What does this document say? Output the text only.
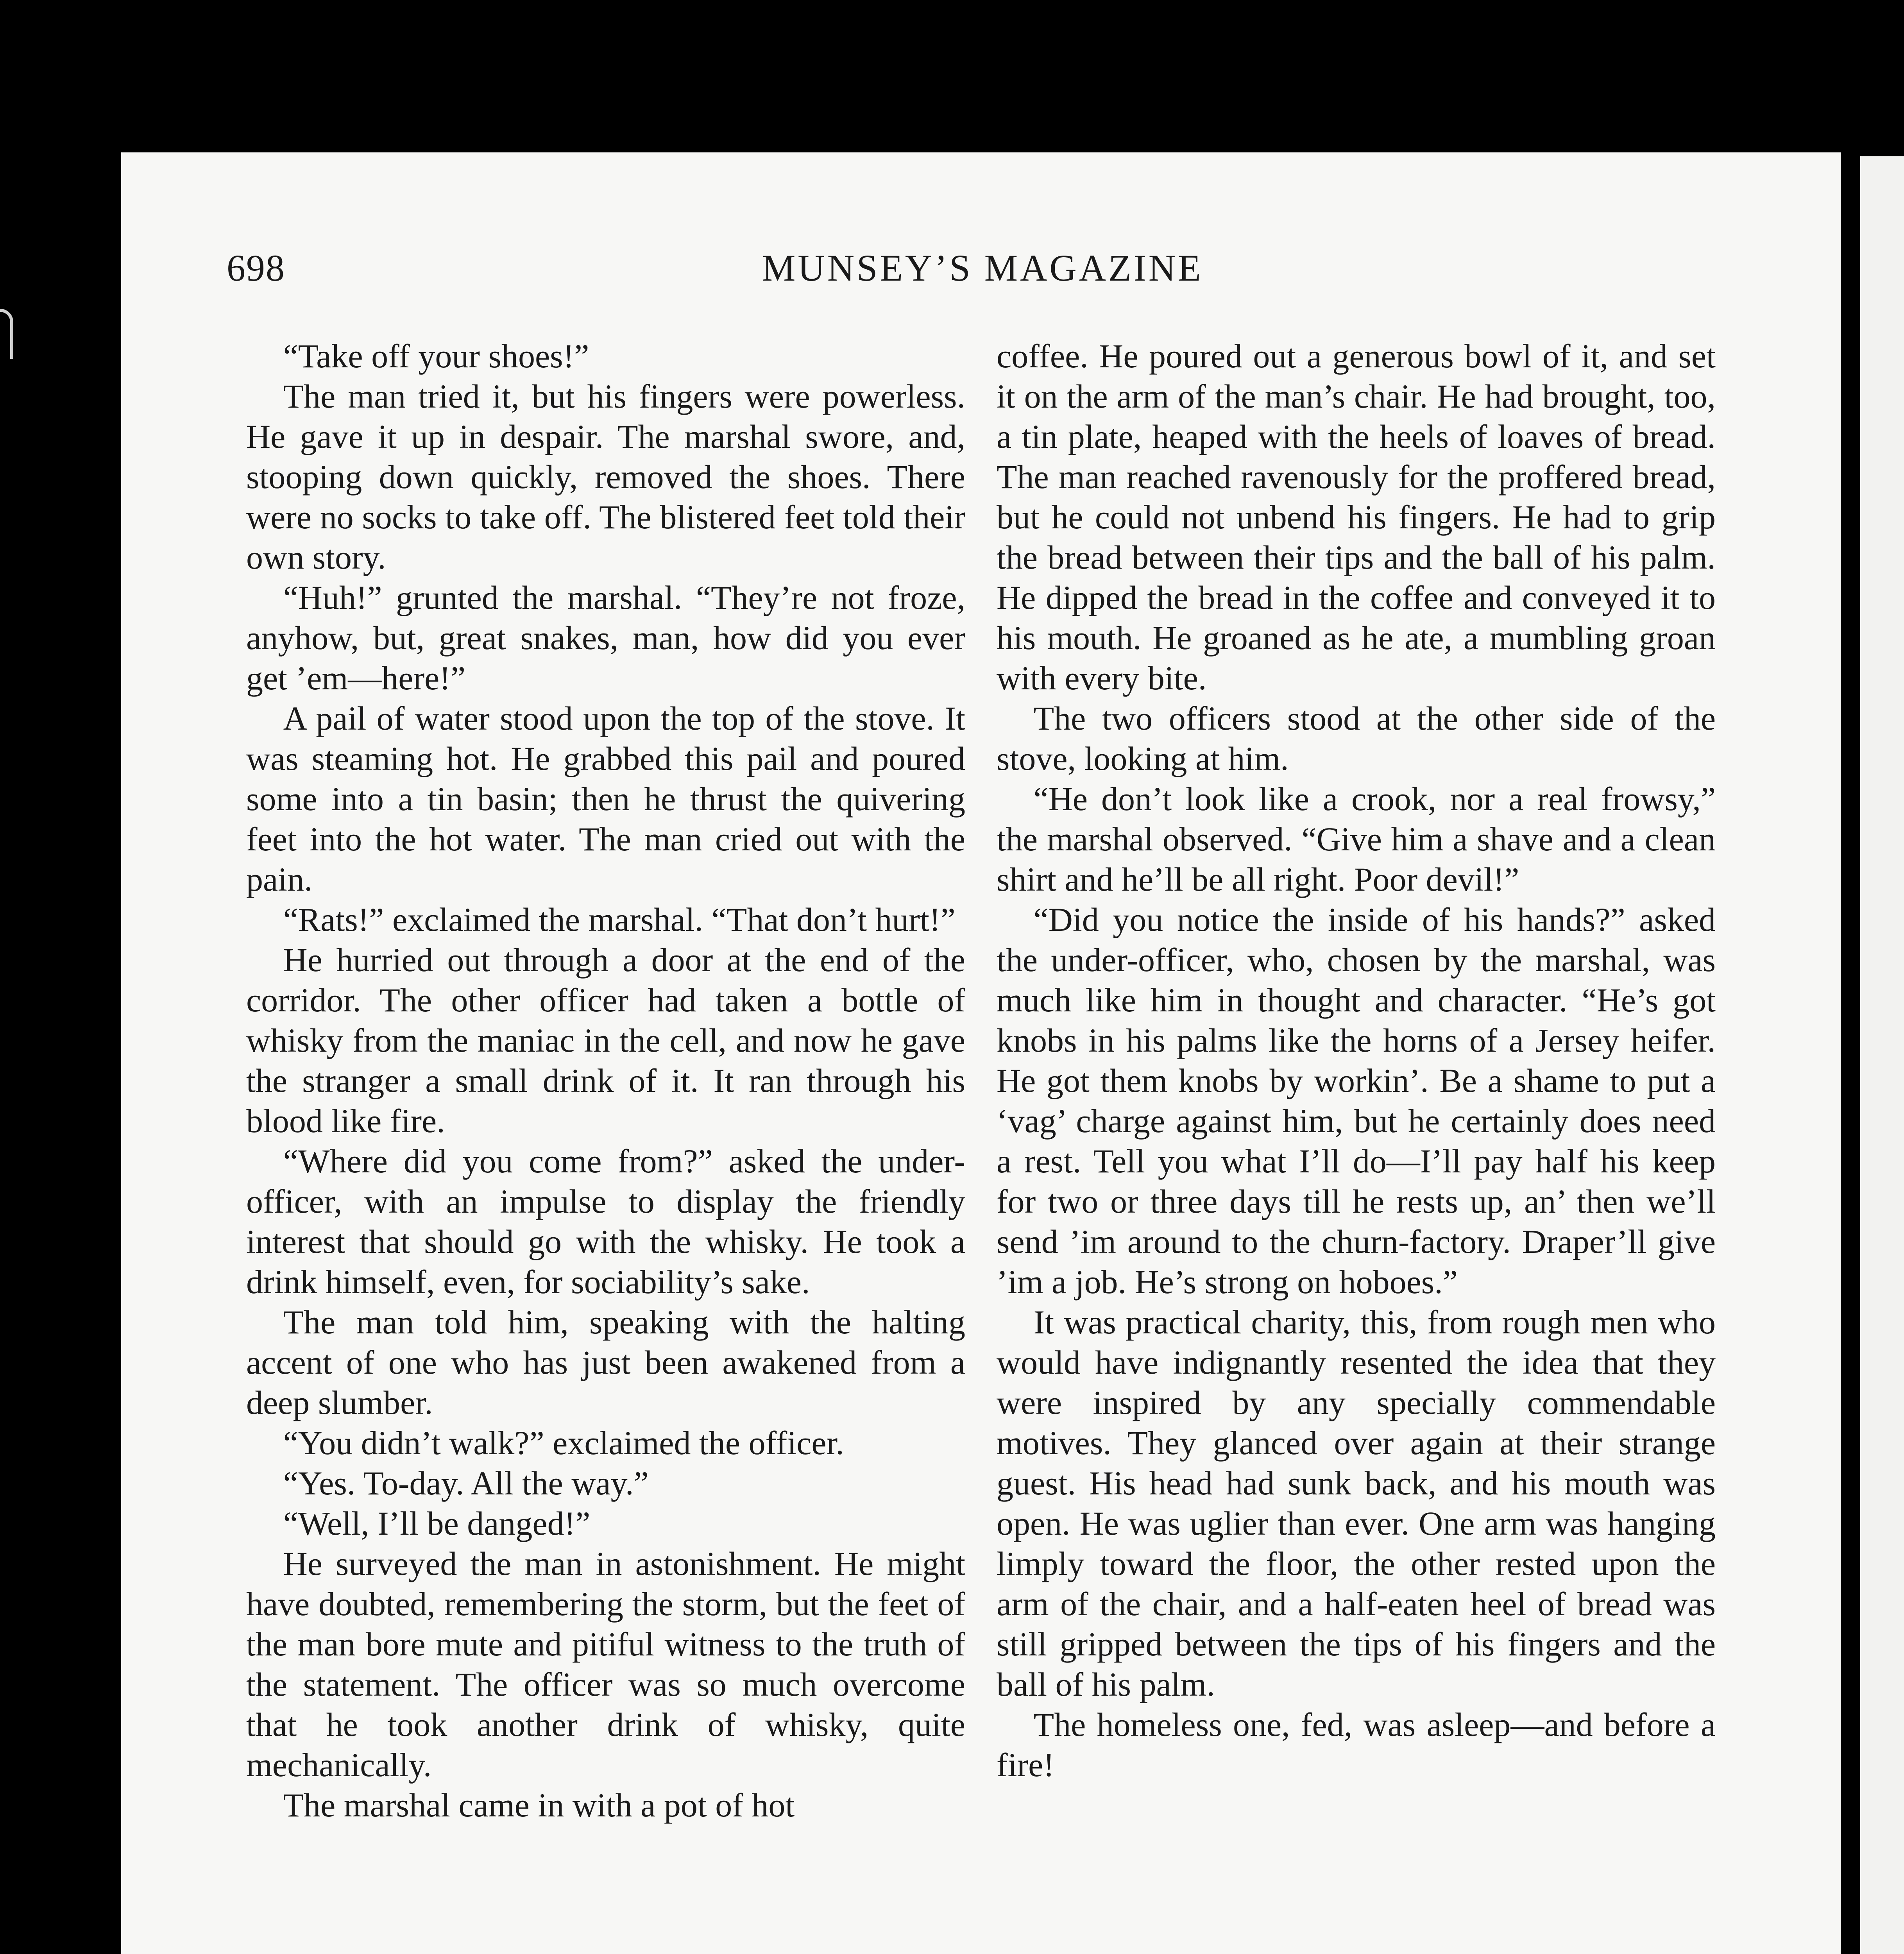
698	MUNSEY’S MAGAZINE

“Take off your shoes!”

The man tried it, but his fingers were powerless. He gave it up in despair. The marshal swore, and, stooping down quickly, removed the shoes. There were no socks to take off. The blistered feet told their own story.

“Huh!” grunted the marshal. “They’re not froze, anyhow, but, great snakes, man, how did you ever get ’em—here!”

A pail of water stood upon the top of the stove. It was steaming hot. He grabbed this pail and poured some into a tin basin; then he thrust the quivering feet into the hot water. The man cried out with the pain.

“Rats!” exclaimed the marshal. “That don’t hurt!”

He hurried out through a door at the end of the corridor. The other officer had taken a bottle of whisky from the maniac in the cell, and now he gave the stranger a small drink of it. It ran through his blood like fire.

“Where did you come from?” asked the under-officer, with an impulse to display the friendly interest that should go with the whisky. He took a drink himself, even, for sociability’s sake.

The man told him, speaking with the halting accent of one who has just been awakened from a deep slumber.

“You didn’t walk?” exclaimed the officer.

“Yes. To-day. All the way.”

“Well, I’ll be danged!”

He surveyed the man in astonishment. He might have doubted, remembering the storm, but the feet of the man bore mute and pitiful witness to the truth of the statement. The officer was so much overcome that he took another drink of whisky, quite mechanically.

The marshal came in with a pot of hot

coffee. He poured out a generous bowl of it, and set it on the arm of the man’s chair. He had brought, too, a tin plate, heaped with the heels of loaves of bread. The man reached ravenously for the proffered bread, but he could not unbend his fingers. He had to grip the bread between their tips and the ball of his palm. He dipped the bread in the coffee and conveyed it to his mouth. He groaned as he ate, a mumbling groan with every bite.

The two officers stood at the other side of the stove, looking at him.

“He don’t look like a crook, nor a real frowsy,” the marshal observed. “Give him a shave and a clean shirt and he’ll be all right. Poor devil!”

“Did you notice the inside of his hands?” asked the under-officer, who, chosen by the marshal, was much like him in thought and character. “He’s got knobs in his palms like the horns of a Jersey heifer. He got them knobs by workin’. Be a shame to put a ‘vag’ charge against him, but he certainly does need a rest. Tell you what I’ll do—I’ll pay half his keep for two or three days till he rests up, an’ then we’ll send ’im around to the churn-factory. Draper’ll give ’im a job. He’s strong on hoboes.”

It was practical charity, this, from rough men who would have indignantly resented the idea that they were inspired by any specially commendable motives. They glanced over again at their strange guest. His head had sunk back, and his mouth was open. He was uglier than ever. One arm was hanging limply toward the floor, the other rested upon the arm of the chair, and a half-eaten heel of bread was still gripped between the tips of his fingers and the ball of his palm.

The homeless one, fed, was asleep—and before a fire!
